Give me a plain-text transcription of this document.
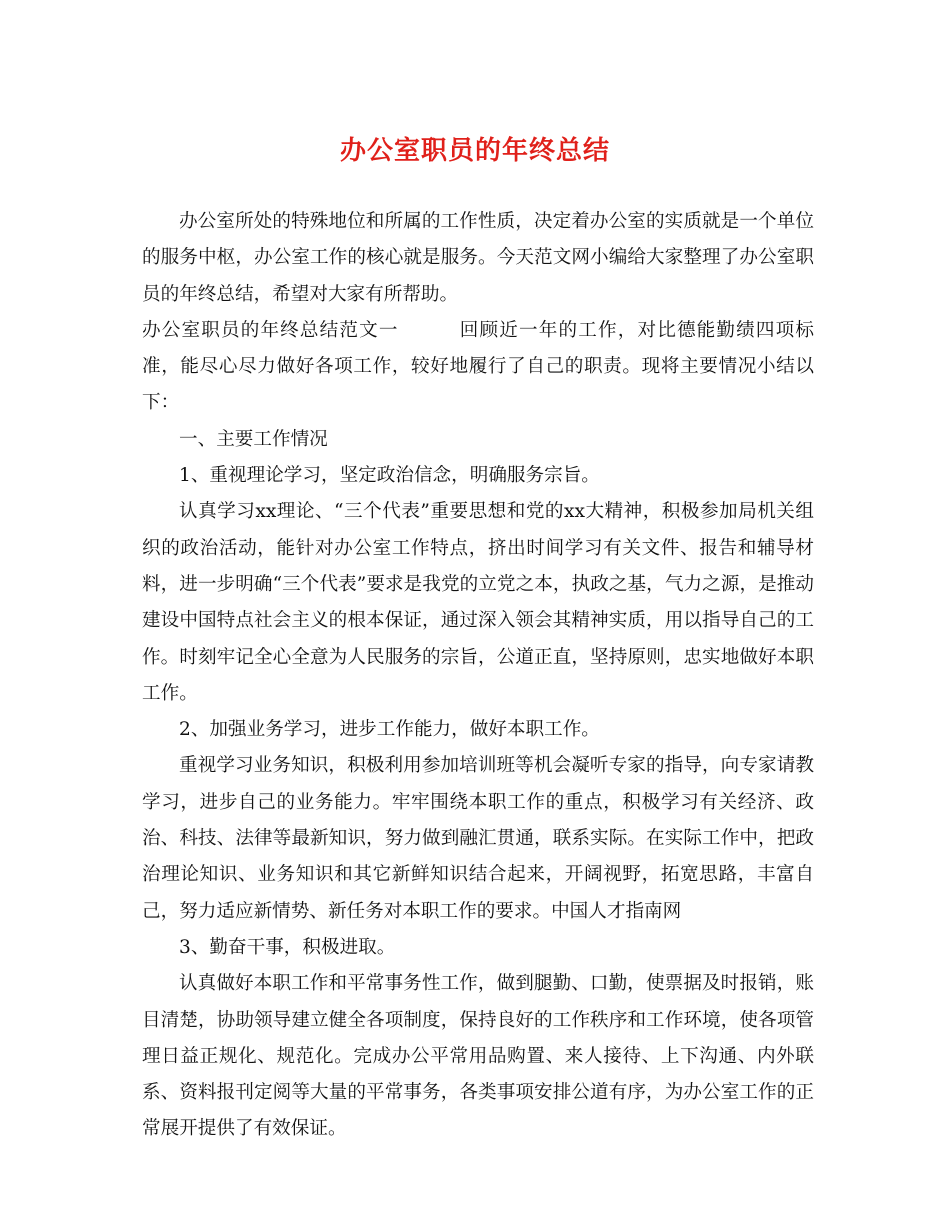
办公室职员的年终总结

办公室所处的特殊地位和所属的工作性质，决定着办公室的实质就是一个单位的服务中枢，办公室工作的核心就是服务。今天范文网小编给大家整理了办公室职员的年终总结，希望对大家有所帮助。

办公室职员的年终总结范文一	回顾近一年的工作，对比德能勤绩四项标准，能尽心尽力做好各项工作，较好地履行了自己的职责。现将主要情况小结以下：

一、主要工作情况

1、重视理论学习，坚定政治信念，明确服务宗旨。

认真学习xx理论、“三个代表”重要思想和党的xx大精神，积极参加局机关组织的政治活动，能针对办公室工作特点，挤出时间学习有关文件、报告和辅导材料，进一步明确“三个代表”要求是我党的立党之本，执政之基，气力之源，是推动建设中国特点社会主义的根本保证，通过深入领会其精神实质，用以指导自己的工作。时刻牢记全心全意为人民服务的宗旨，公道正直，坚持原则，忠实地做好本职工作。

2、加强业务学习，进步工作能力，做好本职工作。

重视学习业务知识，积极利用参加培训班等机会凝听专家的指导，向专家请教学习，进步自己的业务能力。牢牢围绕本职工作的重点，积极学习有关经济、政治、科技、法律等最新知识，努力做到融汇贯通，联系实际。在实际工作中，把政治理论知识、业务知识和其它新鲜知识结合起来，开阔视野，拓宽思路，丰富自己，努力适应新情势、新任务对本职工作的要求。中国人才指南网

3、勤奋干事，积极进取。

认真做好本职工作和平常事务性工作，做到腿勤、口勤，使票据及时报销，账目清楚，协助领导建立健全各项制度，保持良好的工作秩序和工作环境，使各项管理日益正规化、规范化。完成办公平常用品购置、来人接待、上下沟通、内外联系、资料报刊定阅等大量的平常事务，各类事项安排公道有序，为办公室工作的正常展开提供了有效保证。
